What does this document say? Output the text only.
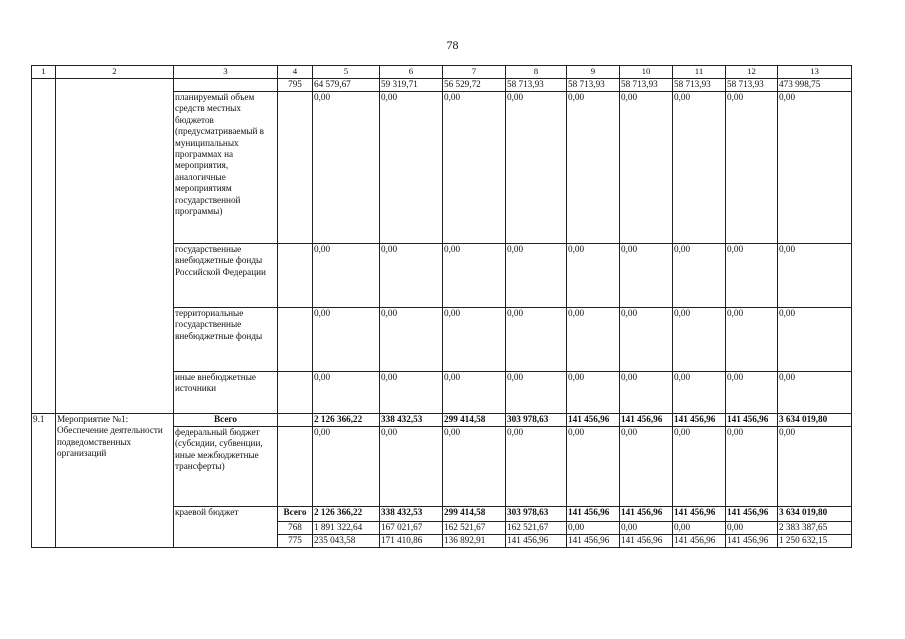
78
1	2	3	4	5	6	7	8	9	10	11	12	13
			795	64 579,67	59 319,71	56 529,72	58 713,93	58 713,93	58 713,93	58 713,93	58 713,93	473 998,75
		планируемый объем средств местных бюджетов (предусматриваемый в муниципальных программах на мероприятия, аналогичные мероприятиям государственной программы)		0,00	0,00	0,00	0,00	0,00	0,00	0,00	0,00	0,00
		государственные внебюджетные фонды Российской Федерации		0,00	0,00	0,00	0,00	0,00	0,00	0,00	0,00	0,00
		территориальные государственные внебюджетные фонды		0,00	0,00	0,00	0,00	0,00	0,00	0,00	0,00	0,00
		иные внебюджетные источники		0,00	0,00	0,00	0,00	0,00	0,00	0,00	0,00	0,00
9.1	Мероприятие №1: Обеспечение деятельности подведомственных организаций	Всего		2 126 366,22	338 432,53	299 414,58	303 978,63	141 456,96	141 456,96	141 456,96	141 456,96	3 634 019,80
		федеральный бюджет (субсидии, субвенции, иные межбюджетные трансферты)		0,00	0,00	0,00	0,00	0,00	0,00	0,00	0,00	0,00
		краевой бюджет	Всего	2 126 366,22	338 432,53	299 414,58	303 978,63	141 456,96	141 456,96	141 456,96	141 456,96	3 634 019,80
			768	1 891 322,64	167 021,67	162 521,67	162 521,67	0,00	0,00	0,00	0,00	2 383 387,65
			775	235 043,58	171 410,86	136 892,91	141 456,96	141 456,96	141 456,96	141 456,96	141 456,96	1 250 632,15
